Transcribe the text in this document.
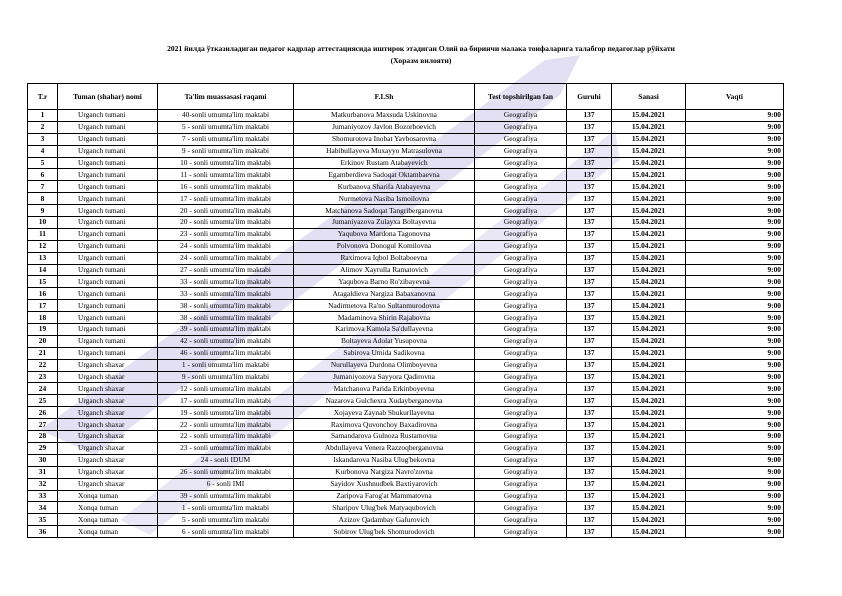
2021 йилда ўтказиладиган педагог кадрлар аттестациясида иштирок этадиган Олий ва биринчи малака тоифаларига талабгор педагоглар рўйхати
(Хоразм вилояти)
T.r	Tuman (shahar) nomi	Ta'lim muassasasi raqami	F.I.Sh	Test topshirilgan fan	Guruhi	Sanasi	Vaqti
1	Urganch tumani	40-sonli umumta'lim maktabi	Matkurbanova Maxsuda Uskinovna	Geografiya	137	15.04.2021	9:00
2	Urganch tumani	5 - sonli umumta'lim maktabi	Jumaniyozov Javlon Bozorboevich	Geografiya	137	15.04.2021	9:00
3	Urganch tumani	7 - sonli umumta'lim maktabi	Shomurotova Inobat Yavbosarovna	Geografiya	137	15.04.2021	9:00
4	Urganch tumani	9 - sonli umumta'lim maktabi	Habibullayeva Muxayyo Matrasulovna	Geografiya	137	15.04.2021	9:00
5	Urganch tumani	10 - sonli umumta'lim maktabi	Erkinov Rustam Atabayevich	Geografiya	137	15.04.2021	9:00
6	Urganch tumani	11 - sonli umumta'lim maktabi	Egamberdieva Sadoqat Oktambaevna	Geografiya	137	15.04.2021	9:00
7	Urganch tumani	16 - sonli umumta'lim maktabi	Kurbanova Sharifa Atabayevna	Geografiya	137	15.04.2021	9:00
8	Urganch tumani	17 - sonli umumta'lim maktabi	Nurmetova Nasiba Ismoilovna	Geografiya	137	15.04.2021	9:00
9	Urganch tumani	20 - sonli umumta'lim maktabi	Matchanova Sadoqat Tangriberganovna	Geografiya	137	15.04.2021	9:00
10	Urganch tumani	20 - sonli umumta'lim maktabi	Jumaniyazova Zulayxa Boltayevna	Geografiya	137	15.04.2021	9:00
11	Urganch tumani	23 - sonli umumta'lim maktabi	Yaqubova Mardona Tagonovna	Geografiya	137	15.04.2021	9:00
12	Urganch tumani	24 - sonli umumta'lim maktabi	Polvonova Donogul Komilovna	Geografiya	137	15.04.2021	9:00
13	Urganch tumani	24 - sonli umumta'lim maktabi	Raximova Iqbol Boltaboevna	Geografiya	137	15.04.2021	9:00
14	Urganch tumani	27 - sonli umumta'lim maktabi	Alimov Xayrulla Ramatovich	Geografiya	137	15.04.2021	9:00
15	Urganch tumani	33 - sonli umumta'lim maktabi	Yaqubova Barno Ro'zibayevna	Geografiya	137	15.04.2021	9:00
16	Urganch tumani	33 - sonli umumta'lim maktabi	Atagaldieva Nargiza Babaxanovna	Geografiya	137	15.04.2021	9:00
17	Urganch tumani	38 - sonli umumta'lim maktabi	Nadirmetova Ra'no Sultanmurodovna	Geografiya	137	15.04.2021	9:00
18	Urganch tumani	38 - sonli umumta'lim maktabi	Madaminova Shirin Rajabovna	Geografiya	137	15.04.2021	9:00
19	Urganch tumani	39 - sonli umumta'lim maktabi	Karimova Kamola Sa'dullayevna	Geografiya	137	15.04.2021	9:00
20	Urganch tumani	42 - sonli umumta'lim maktabi	Boltayeva Adolat Yusupovna	Geografiya	137	15.04.2021	9:00
21	Urganch tumani	46 - sonli umumta'lim maktabi	Sabirova Umida Sadikovna	Geografiya	137	15.04.2021	9:00
22	Urganch shaxar	1 - sonli umumta'lim maktabi	Nurullayeva Durdona Olimboyevna	Geografiya	137	15.04.2021	9:00
23	Urganch shaxar	9 - sonli umumta'lim maktabi	Jumaniyozova Sayyora Qadirovna	Geografiya	137	15.04.2021	9:00
24	Urganch shaxar	12 - sonli umumta'lim maktabi	Matchanova Parida Erkinboyevna	Geografiya	137	15.04.2021	9:00
25	Urganch shaxar	17 - sonli umumta'lim maktabi	Nazarova Gulchexra Xudayberganovna	Geografiya	137	15.04.2021	9:00
26	Urganch shaxar	19 - sonli umumta'lim maktabi	Xojayeva Zaynab Shukurllayevna	Geografiya	137	15.04.2021	9:00
27	Urganch shaxar	22 - sonli umumta'lim maktabi	Raximova Quvonchoy Baxadirovna	Geografiya	137	15.04.2021	9:00
28	Urganch shaxar	22 - sonli umumta'lim maktabi	Samandarova Gulnoza Rustamovna	Geografiya	137	15.04.2021	9:00
29	Urganch shaxar	23 - sonli umumta'lim maktabi	Abdullayeva Venera Razzoqberganovna	Geografiya	137	15.04.2021	9:00
30	Urganch shaxar	24 - sonli IDUM	Iskandarova Nasiba Ulug'bekovna	Geografiya	137	15.04.2021	9:00
31	Urganch shaxar	26 - sonli umumta'lim maktabi	Kurbonova Nargiza Navro'zovna	Geografiya	137	15.04.2021	9:00
32	Urganch shaxar	6 - sonli IMI	Sayidov Xushnudbek Baxtiyarovich	Geografiya	137	15.04.2021	9:00
33	Xonqa tuman	39 - sonli umumta'lim maktabi	Zaripova Farog'at Mammatovna	Geografiya	137	15.04.2021	9:00
34	Xonqa tuman	1 - sonli umumta'lim maktabi	Sharipov Ulug'bek Matyaqubovich	Geografiya	137	15.04.2021	9:00
35	Xonqa tuman	5 - sonli umumta'lim maktabi	Azizov Qadambay Gafurovich	Geografiya	137	15.04.2021	9:00
36	Xonqa tuman	6 - sonli umumta'lim maktabi	Sobirov Ulug'bek Shomurodovich	Geografiya	137	15.04.2021	9:00
